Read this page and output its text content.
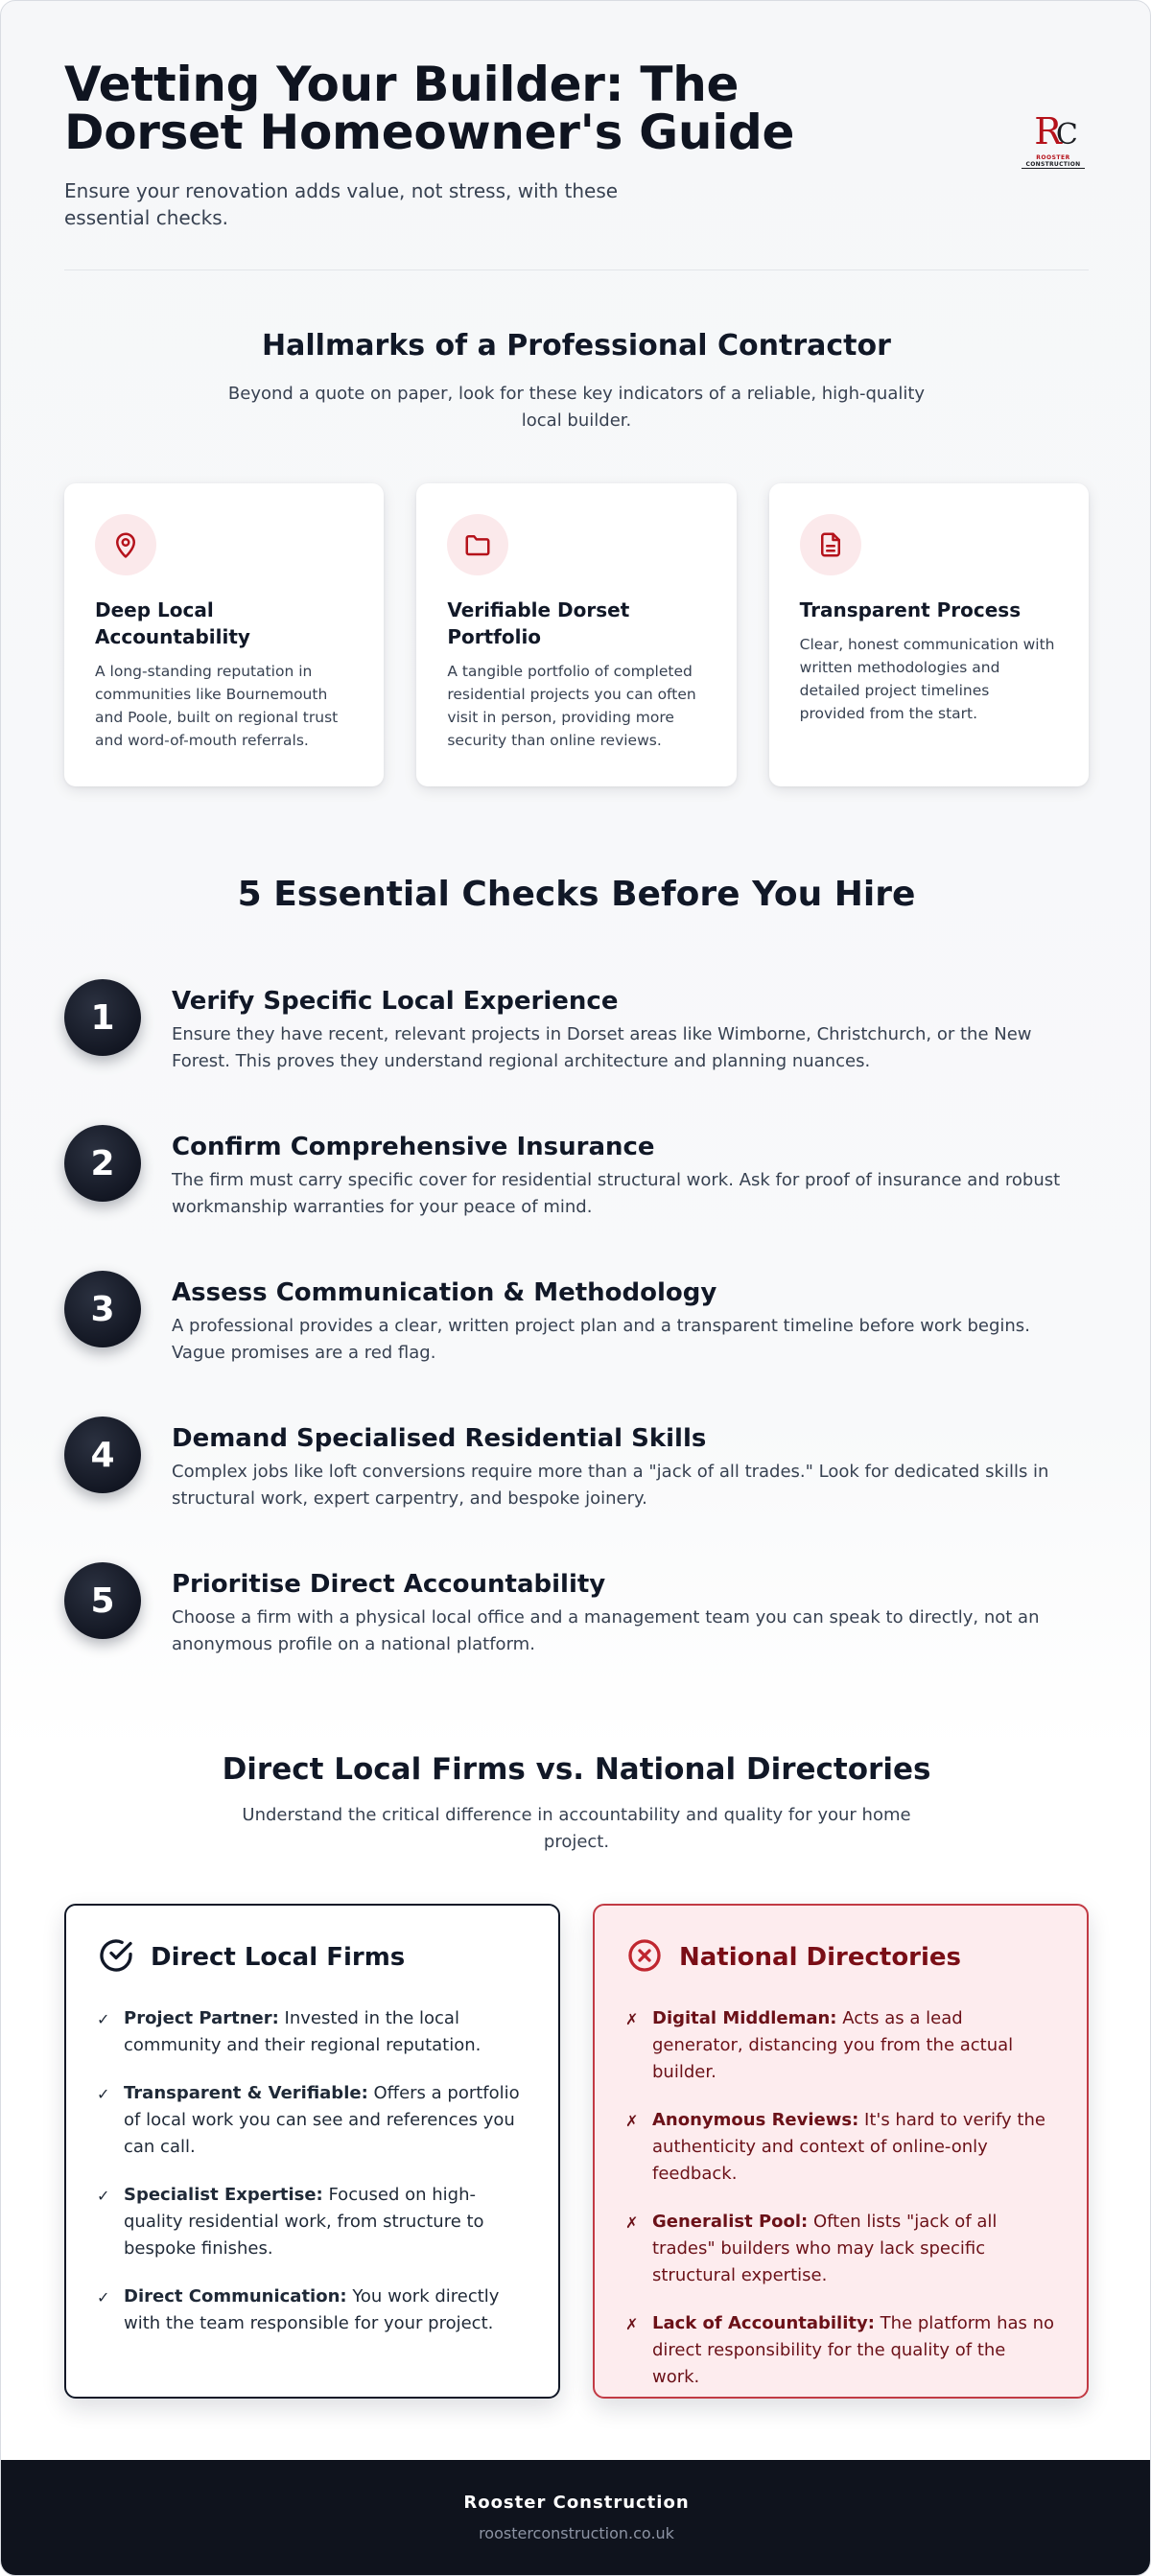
Vetting Your Builder: The Dorset Homeowner's Guide

Ensure your renovation adds value, not stress, with these essential checks.

RC
ROOSTER
CONSTRUCTION
Hallmarks of a Professional Contractor

Beyond a quote on paper, look for these key indicators of a reliable, high-quality local builder.

Deep Local Accountability

A long-standing reputation in communities like Bournemouth and Poole, built on regional trust and word-of-mouth referrals.

Verifiable Dorset Portfolio

A tangible portfolio of completed residential projects you can often visit in person, providing more security than online reviews.

Transparent Process

Clear, honest communication with written methodologies and detailed project timelines provided from the start.

5 Essential Checks Before You Hire
1	Verify Specific Local Experience

Ensure they have recent, relevant projects in Dorset areas like Wimborne, Christchurch, or the New Forest. This proves they understand regional architecture and planning nuances.

2	Confirm Comprehensive Insurance

The firm must carry specific cover for residential structural work. Ask for proof of insurance and robust workmanship warranties for your peace of mind.

3	Assess Communication & Methodology

A professional provides a clear, written project plan and a transparent timeline before work begins. Vague promises are a red flag.

4	Demand Specialised Residential Skills

Complex jobs like loft conversions require more than a "jack of all trades." Look for dedicated skills in structural work, expert carpentry, and bespoke joinery.

5	Prioritise Direct Accountability

Choose a firm with a physical local office and a management team you can speak to directly, not an anonymous profile on a national platform.

Direct Local Firms vs. National Directories

Understand the critical difference in accountability and quality for your home project.

Direct Local Firms
✓ Project Partner: Invested in the local community and their regional reputation.
✓ Transparent & Verifiable: Offers a portfolio of local work you can see and references you can call.
✓ Specialist Expertise: Focused on high-quality residential work, from structure to bespoke finishes.
✓ Direct Communication: You work directly with the team responsible for your project.
National Directories
✗ Digital Middleman: Acts as a lead generator, distancing you from the actual builder.
✗ Anonymous Reviews: It's hard to verify the authenticity and context of online-only feedback.
✗ Generalist Pool: Often lists "jack of all trades" builders who may lack specific structural expertise.
✗ Lack of Accountability: The platform has no direct responsibility for the quality of the work.
Rooster Construction
roosterconstruction.co.uk
